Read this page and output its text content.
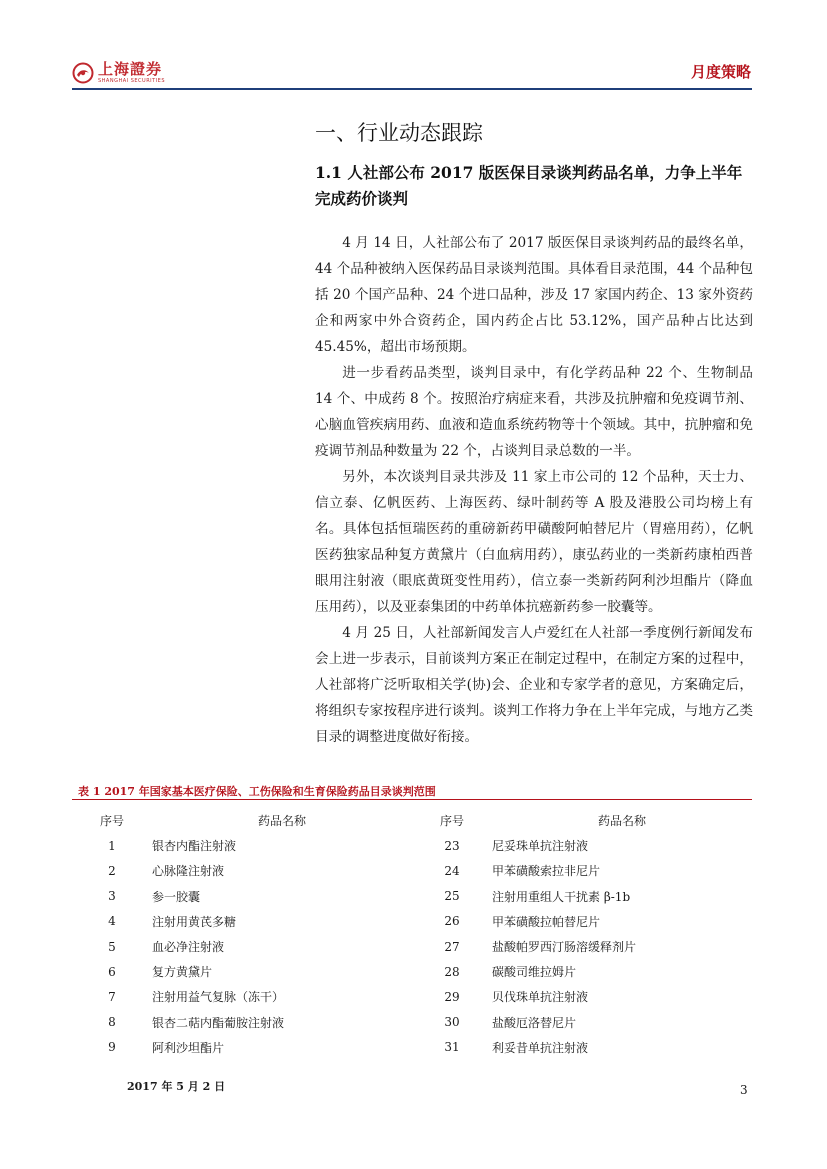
上海證券
SHANGHAI SECURITIES	月度策略
一、行业动态跟踪
1.1 人社部公布 2017 版医保目录谈判药品名单，力争上半年完成药价谈判

4 月 14 日，人社部公布了 2017 版医保目录谈判药品的最终名单，44 个品种被纳入医保药品目录谈判范围。具体看目录范围，44 个品种包括 20 个国产品种、24 个进口品种，涉及 17 家国内药企、13 家外资药企和两家中外合资药企，国内药企占比 53.12%，国产品种占比达到 45.45%，超出市场预期。

进一步看药品类型，谈判目录中，有化学药品种 22 个、生物制品 14 个、中成药 8 个。按照治疗病症来看，共涉及抗肿瘤和免疫调节剂、心脑血管疾病用药、血液和造血系统药物等十个领域。其中，抗肿瘤和免疫调节剂品种数量为 22 个，占谈判目录总数的一半。

另外，本次谈判目录共涉及 11 家上市公司的 12 个品种，天士力、信立泰、亿帆医药、上海医药、绿叶制药等 A 股及港股公司均榜上有名。具体包括恒瑞医药的重磅新药甲磺酸阿帕替尼片（胃癌用药），亿帆医药独家品种复方黄黛片（白血病用药），康弘药业的一类新药康柏西普眼用注射液（眼底黄斑变性用药），信立泰一类新药阿利沙坦酯片（降血压用药），以及亚泰集团的中药单体抗癌新药参一胶囊等。

4 月 25 日，人社部新闻发言人卢爱红在人社部一季度例行新闻发布会上进一步表示，目前谈判方案正在制定过程中，在制定方案的过程中，人社部将广泛听取相关学(协)会、企业和专家学者的意见，方案确定后，将组织专家按程序进行谈判。谈判工作将力争在上半年完成，与地方乙类目录的调整进度做好衔接。

表 1 2017 年国家基本医疗保险、工伤保险和生育保险药品目录谈判范围
序号	药品名称
1	银杏内酯注射液
2	心脉隆注射液
3	参一胶囊
4	注射用黄芪多糖
5	血必净注射液
6	复方黄黛片
7	注射用益气复脉（冻干）
8	银杏二萜内酯葡胺注射液
9	阿利沙坦酯片
序号	药品名称
23	尼妥珠单抗注射液
24	甲苯磺酸索拉非尼片
25	注射用重组人干扰素 β-1b
26	甲苯磺酸拉帕替尼片
27	盐酸帕罗西汀肠溶缓释剂片
28	碳酸司维拉姆片
29	贝伐珠单抗注射液
30	盐酸厄洛替尼片
31	利妥昔单抗注射液
2017 年 5 月 2 日	3
